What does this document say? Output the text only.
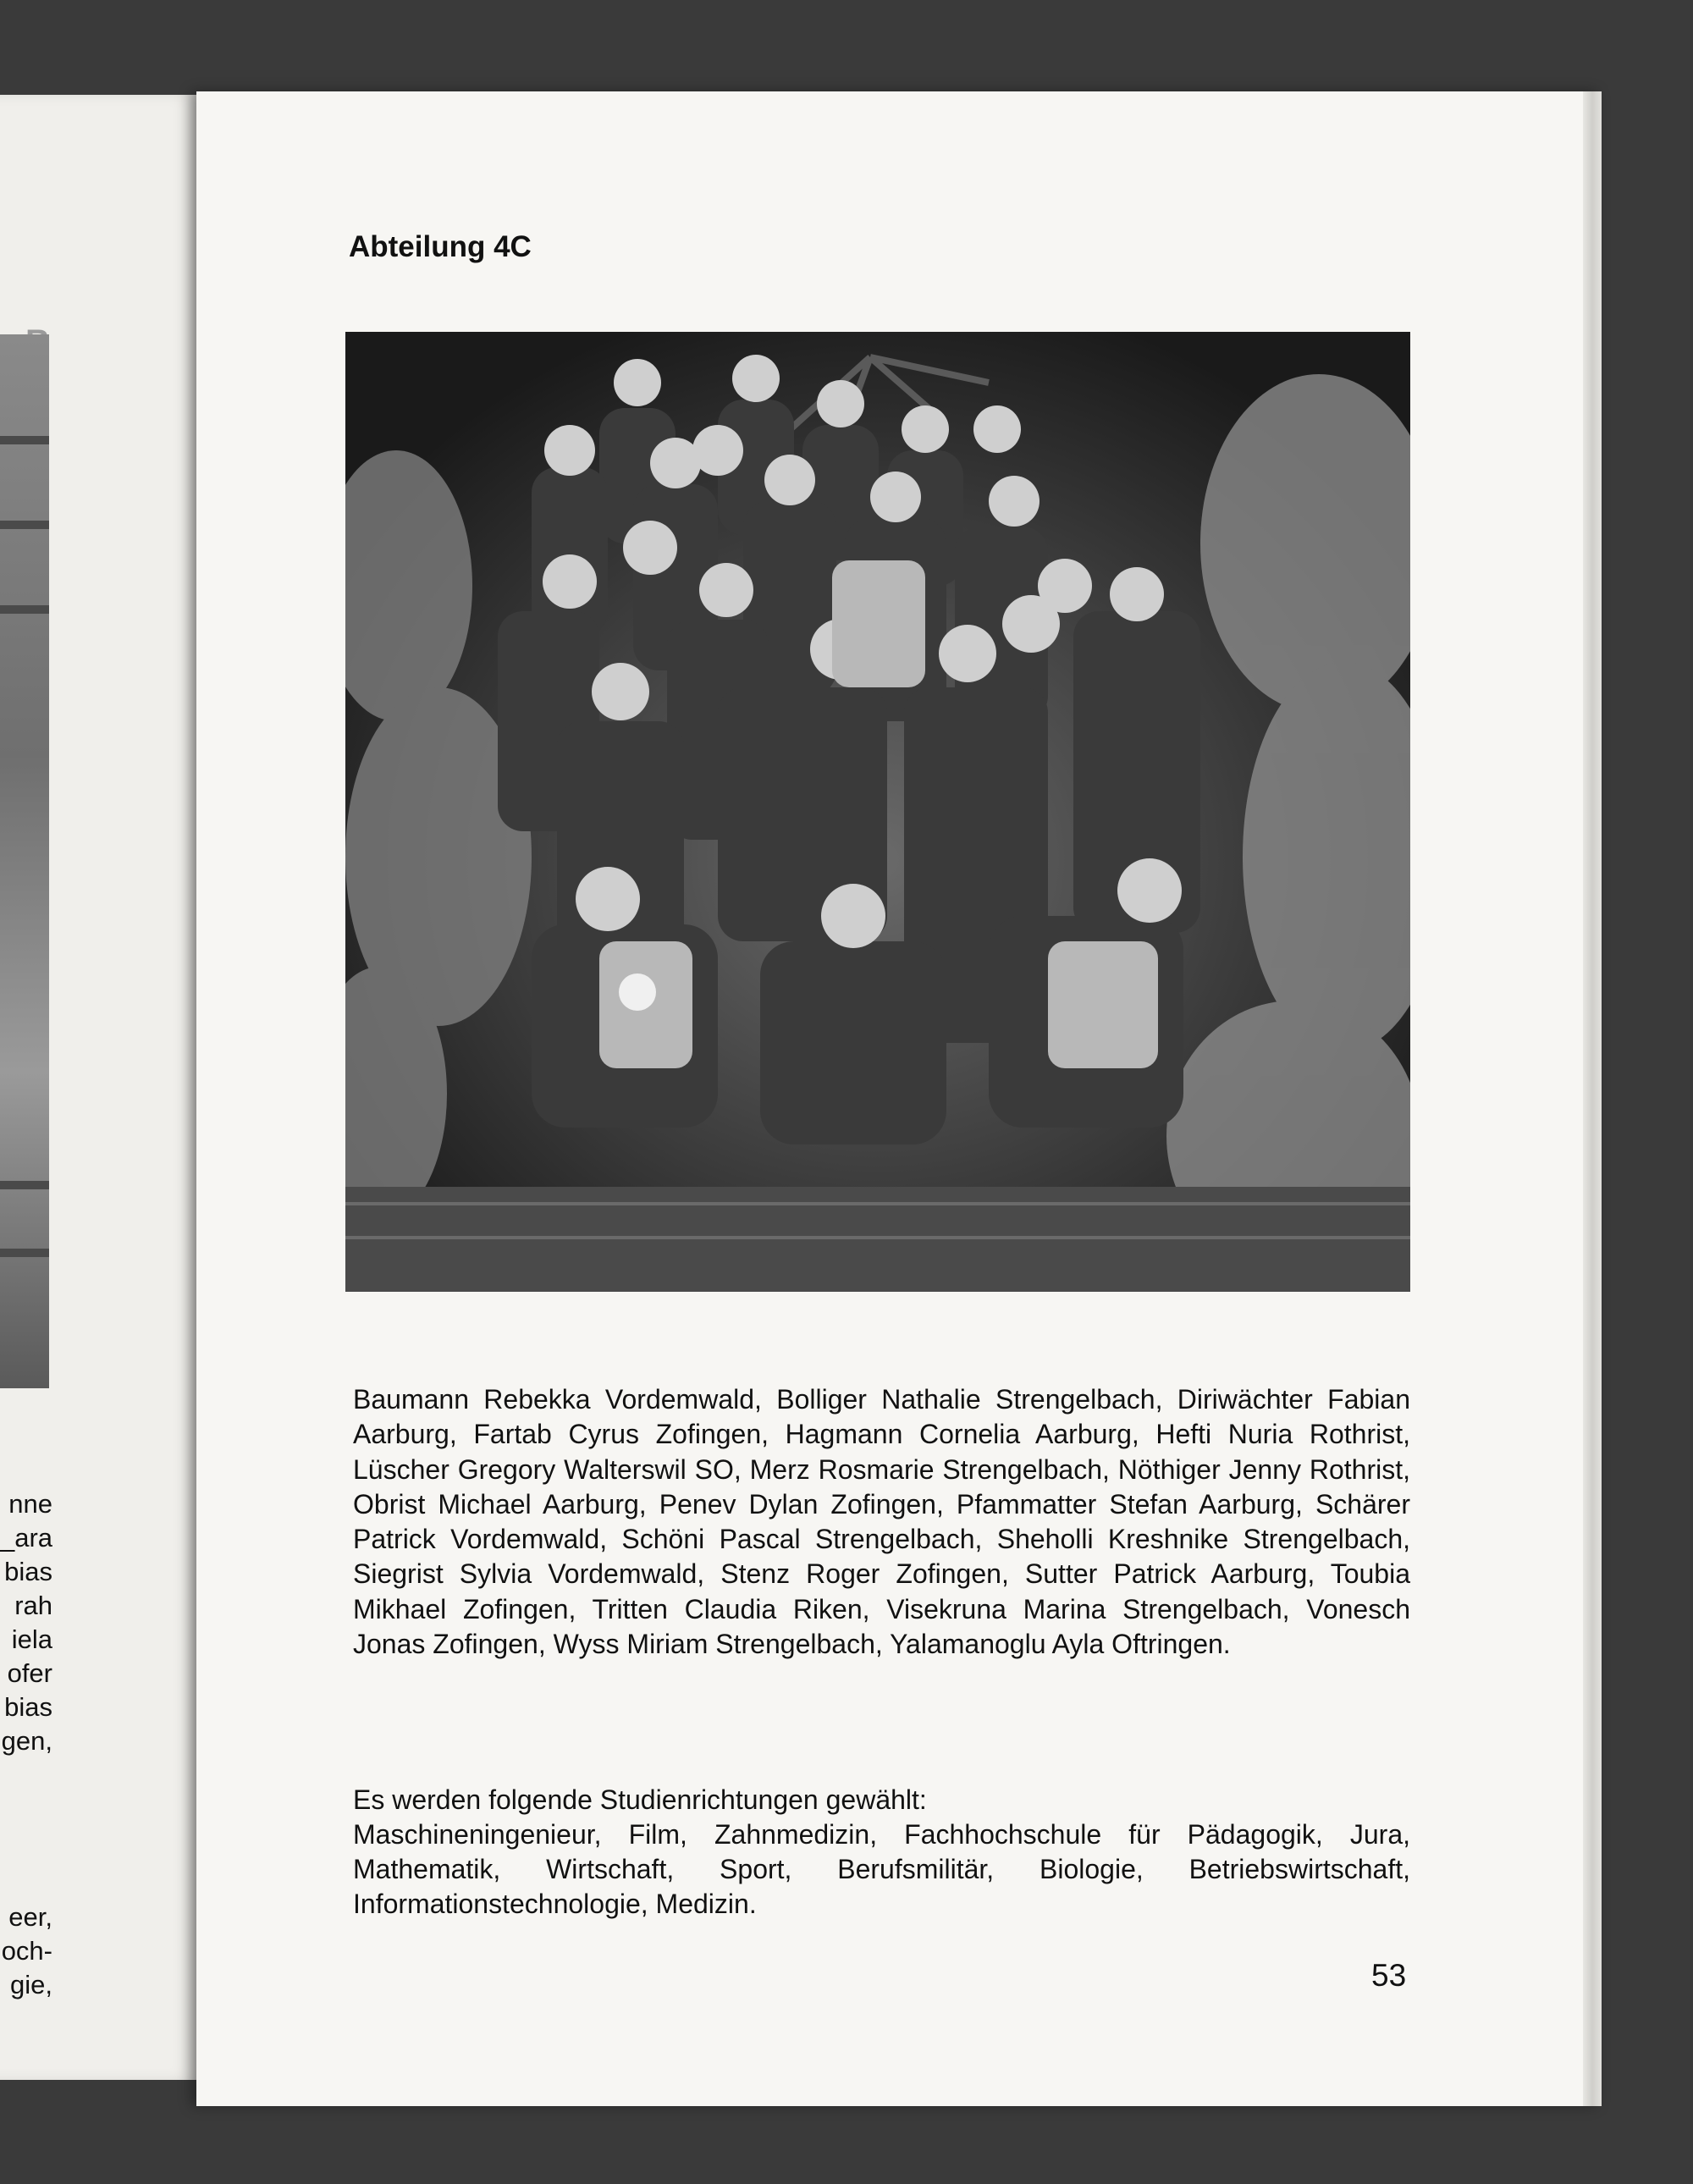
nne
_ara
bias
rah
iela
ofer
bias
gen,
eer,
och-
gie,
Abteilung 4C
Baumann Rebekka Vordemwald, Bolliger Nathalie Strengelbach, Diriwächter Fabian Aarburg, Fartab Cyrus Zofingen, Hagmann Cornelia Aarburg, Hefti Nuria Rothrist, Lüscher Gregory Walterswil SO, Merz Rosmarie Strengelbach, Nöthiger Jenny Rothrist, Obrist Michael Aarburg, Penev Dylan Zofingen, Pfammatter Stefan Aarburg, Schärer Patrick Vordemwald, Schöni Pascal Strengelbach, Sheholli Kreshnike Strengelbach, Siegrist Sylvia Vordemwald, Stenz Roger Zofingen, Sutter Patrick Aarburg, Toubia Mikhael Zofingen, Tritten Claudia Riken, Visekruna Marina Strengelbach, Vonesch Jonas Zofingen, Wyss Miriam Strengelbach, Yalamanoglu Ayla Oftringen.
Es werden folgende Studienrichtungen gewählt:
Maschineningenieur, Film, Zahnmedizin, Fachhochschule für Pädagogik, Jura, Mathematik, Wirtschaft, Sport, Berufsmilitär, Biologie, Betriebswirtschaft, Informationstechnologie, Medizin.
53
